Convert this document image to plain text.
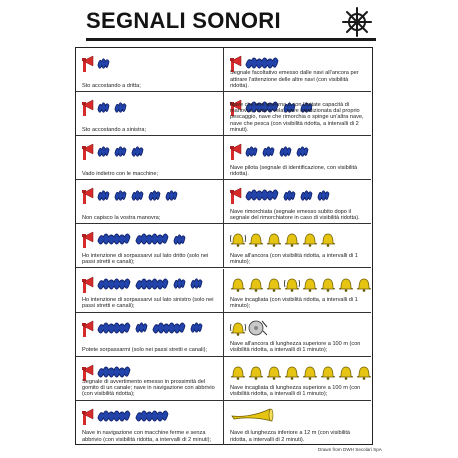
SEGNALI SONORI
Sto accostando a dritta;
Segnale facoltativo emesso dalle navi all'ancora per attirare l'attenzione delle altre navi (con visibilità ridotta).
Sto accostando a sinistra;
Nave che non governa o con limitate capacità di manovra, nave a vela, nave condizionata dal proprio pescaggio, nave che rimorchia o spinge un'altra nave, nave che pesca (con visibilità ridotta, a intervalli di 2 minuti).
Vado indietro con le macchine;
Nave pilota (segnale di identificazione, con visibilità ridotta).
Non capisco la vostra manovra;
Nave rimorchiata (segnale emesso subito dopo il segnale del rimorchiatore in caso di visibilità ridotta).
Ho intenzione di sorpassarvi sul lato dritto (solo nei passi stretti e canali);
Nave all'ancora (con visibilità ridotta, a intervalli di 1 minuto);
Ho intenzione di sorpassarvi sul lato sinistro (solo nei passi stretti e canali);
Nave incagliata (con visibilità ridotta, a intervalli di 1 minuto);
Potete sorpassarmi (solo nei passi stretti e canali);
Nave all'ancora di lunghezza superiore a 100 m (con visibilità ridotta, a intervalli di 1 minuto);
Segnale di avvertimento emesso in prossimità del gomito di un canale; nave in navigazione con abbrivio (con visibilità ridotta);
Nave incagliata di lunghezza superiore a 100 m (con visibilità ridotta, a intervalli di 1 minuto);
Nave in navigazione con macchine ferme e senza abbrivio (con visibilità ridotta, a intervalli di 2 minuti);
Nave di lunghezza inferiore a 12 m (con visibilità ridotta, a intervalli di 2 minuti).
Drawn from DWH Secolari SpA
